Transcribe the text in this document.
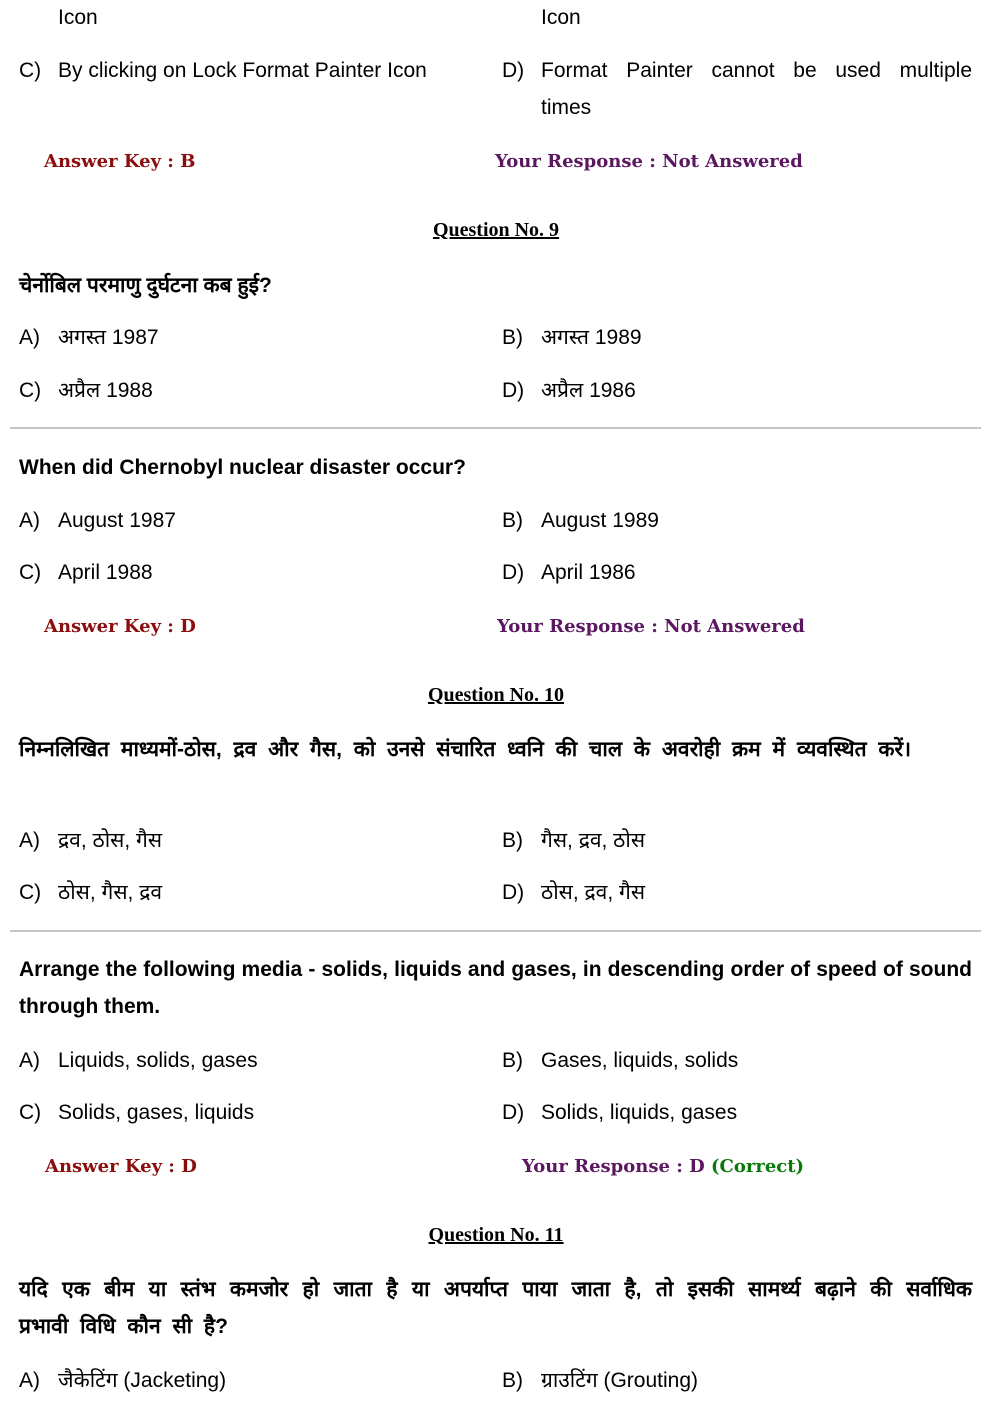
Icon	Icon
C) By clicking on Lock Format Painter Icon	D) Format Painter cannot be used multiple times
Answer Key : B	Your Response : Not Answered
Question No. 9
चेर्नोबिल परमाणु दुर्घटना कब हुई?
A) अगस्त 1987	B) अगस्त 1989
C) अप्रैल 1988	D) अप्रैल 1986
When did Chernobyl nuclear disaster occur?
A) August 1987	B) August 1989
C) April 1988	D) April 1986
Answer Key : D	Your Response : Not Answered
Question No. 10
निम्नलिखित माध्यमों-ठोस, द्रव और गैस, को उनसे संचारित ध्वनि की चाल के अवरोही क्रम में व्यवस्थित करें।
A) द्रव, ठोस, गैस	B) गैस, द्रव, ठोस
C) ठोस, गैस, द्रव	D) ठोस, द्रव, गैस
Arrange the following media - solids, liquids and gases, in descending order of speed of sound through them.
A) Liquids, solids, gases	B) Gases, liquids, solids
C) Solids, gases, liquids	D) Solids, liquids, gases
Answer Key : D	Your Response : D (Correct)
Question No. 11
यदि एक बीम या स्तंभ कमजोर हो जाता है या अपर्याप्त पाया जाता है, तो इसकी सामर्थ्य बढ़ाने की सर्वाधिक प्रभावी विधि कौन सी है?
A) जैकेटिंग (Jacketing)	B) ग्राउटिंग (Grouting)
